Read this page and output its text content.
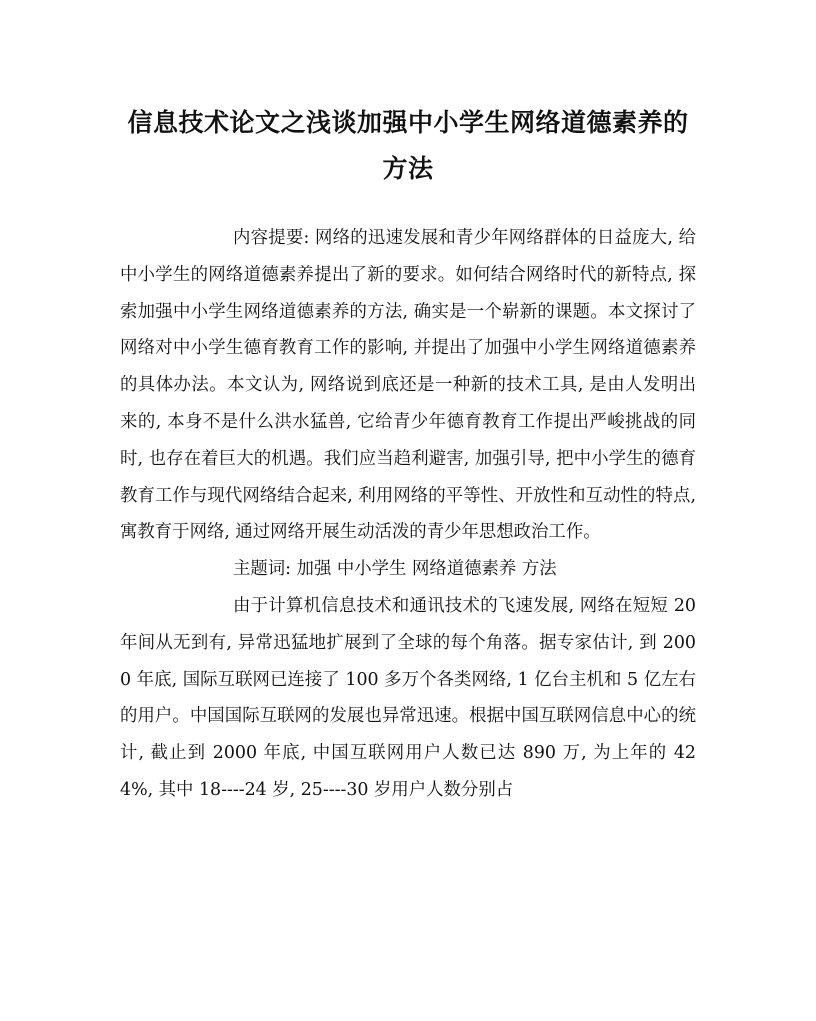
信息技术论文之浅谈加强中小学生网络道德素养的方法

内容提要: 网络的迅速发展和青少年网络群体的日益庞大, 给中小学生的网络道德素养提出了新的要求。如何结合网络时代的新特点, 探索加强中小学生网络道德素养的方法, 确实是一个崭新的课题。本文探讨了网络对中小学生德育教育工作的影响, 并提出了加强中小学生网络道德素养的具体办法。本文认为, 网络说到底还是一种新的技术工具, 是由人发明出来的, 本身不是什么洪水猛兽, 它给青少年德育教育工作提出严峻挑战的同时, 也存在着巨大的机遇。我们应当趋利避害, 加强引导, 把中小学生的德育教育工作与现代网络结合起来, 利用网络的平等性、开放性和互动性的特点, 寓教育于网络, 通过网络开展生动活泼的青少年思想政治工作。

主题词: 加强 中小学生 网络道德素养 方法

由于计算机信息技术和通讯技术的飞速发展, 网络在短短 20 年间从无到有, 异常迅猛地扩展到了全球的每个角落。据专家估计, 到 2000 年底, 国际互联网已连接了 100 多万个各类网络, 1 亿台主机和 5 亿左右的用户。中国国际互联网的发展也异常迅速。根据中国互联网信息中心的统计, 截止到 2000 年底, 中国互联网用户人数已达 890 万, 为上年的 424%, 其中 18----24 岁, 25----30 岁用户人数分别占
